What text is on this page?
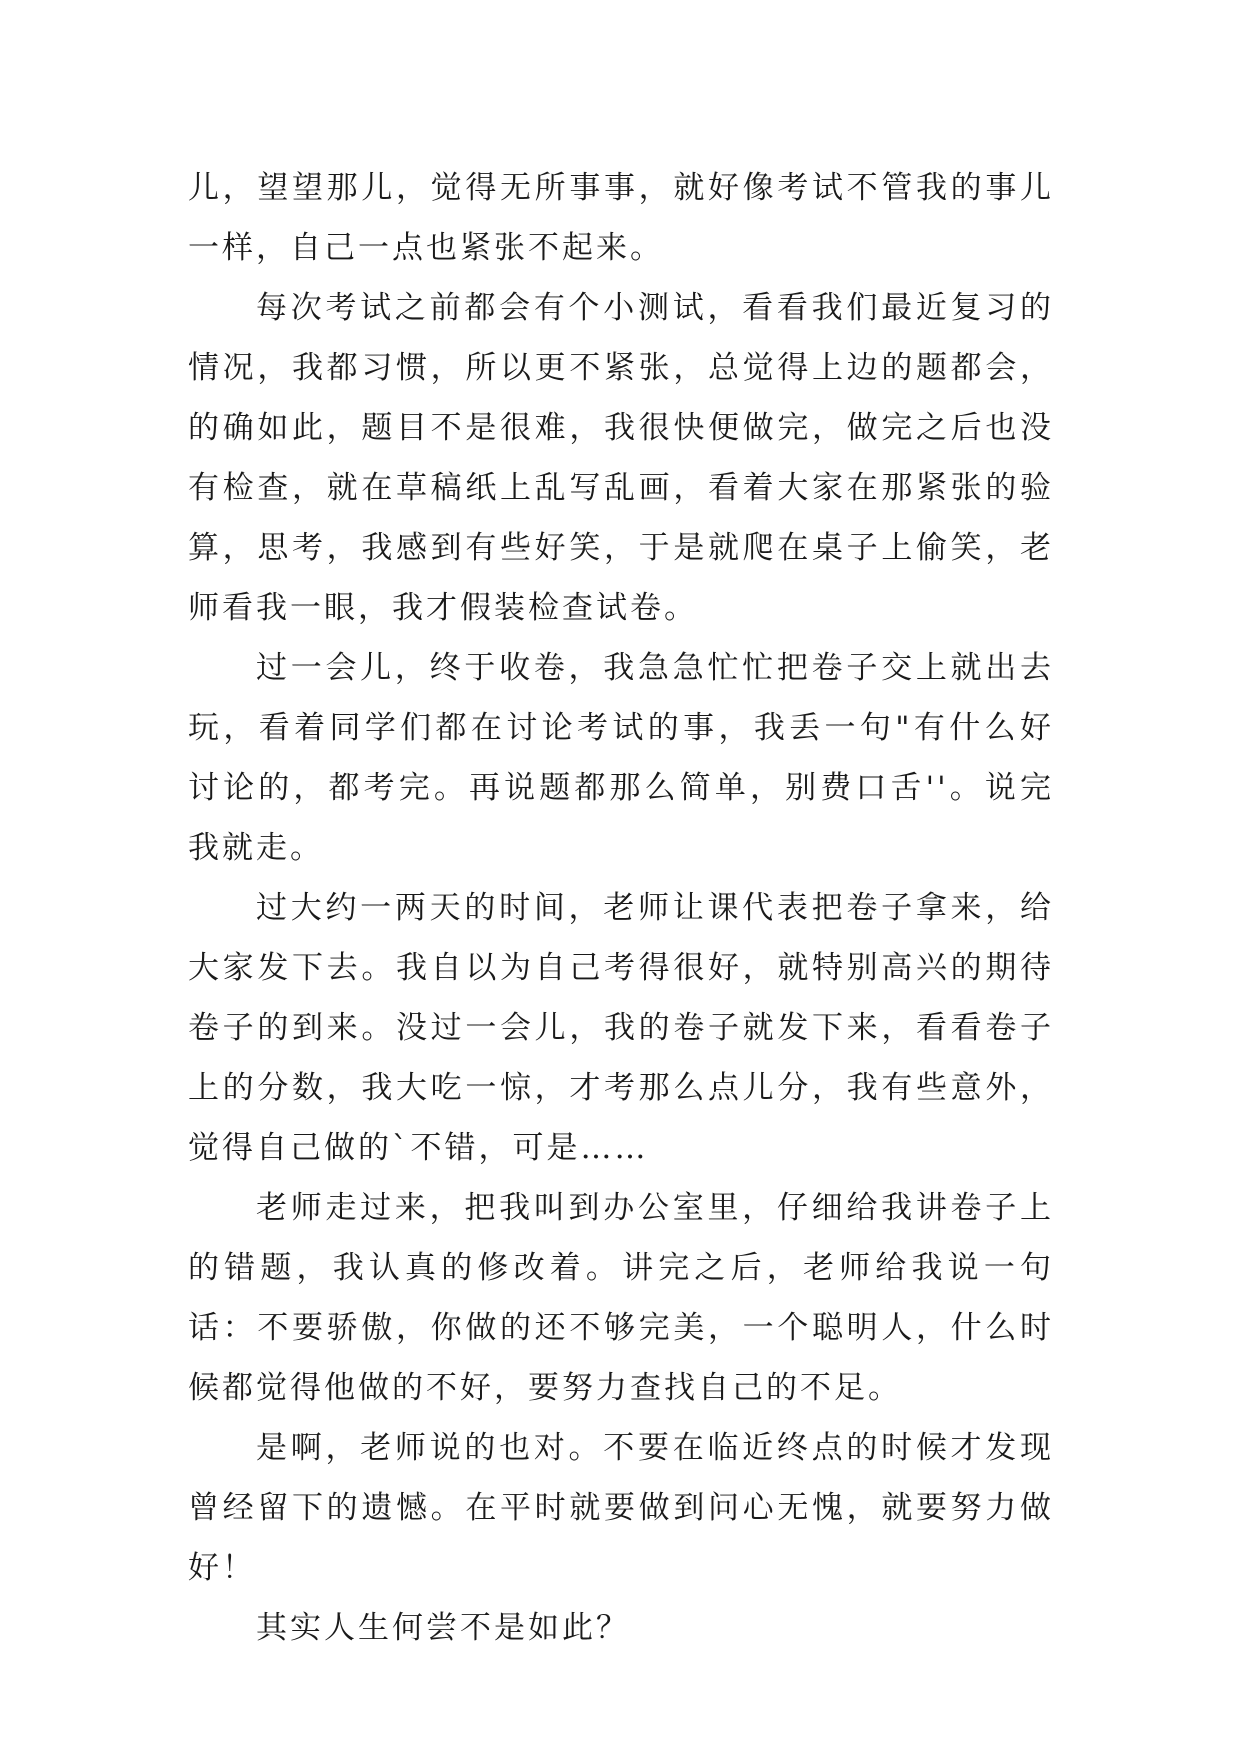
儿，望望那儿，觉得无所事事，就好像考试不管我的事儿一样，自己一点也紧张不起来。

每次考试之前都会有个小测试，看看我们最近复习的情况，我都习惯，所以更不紧张，总觉得上边的题都会，的确如此，题目不是很难，我很快便做完，做完之后也没有检查，就在草稿纸上乱写乱画，看着大家在那紧张的验算，思考，我感到有些好笑，于是就爬在桌子上偷笑，老师看我一眼，我才假装检查试卷。

过一会儿，终于收卷，我急急忙忙把卷子交上就出去玩，看着同学们都在讨论考试的事，我丢一句"有什么好讨论的，都考完。再说题都那么简单，别费口舌''。说完我就走。

过大约一两天的时间，老师让课代表把卷子拿来，给大家发下去。我自以为自己考得很好，就特别高兴的期待卷子的到来。没过一会儿，我的卷子就发下来，看看卷子上的分数，我大吃一惊，才考那么点儿分，我有些意外，觉得自己做的`不错，可是……

老师走过来，把我叫到办公室里，仔细给我讲卷子上的错题，我认真的修改着。讲完之后，老师给我说一句话：不要骄傲，你做的还不够完美，一个聪明人，什么时候都觉得他做的不好，要努力查找自己的不足。

是啊，老师说的也对。不要在临近终点的时候才发现曾经留下的遗憾。在平时就要做到问心无愧，就要努力做好！

其实人生何尝不是如此？
